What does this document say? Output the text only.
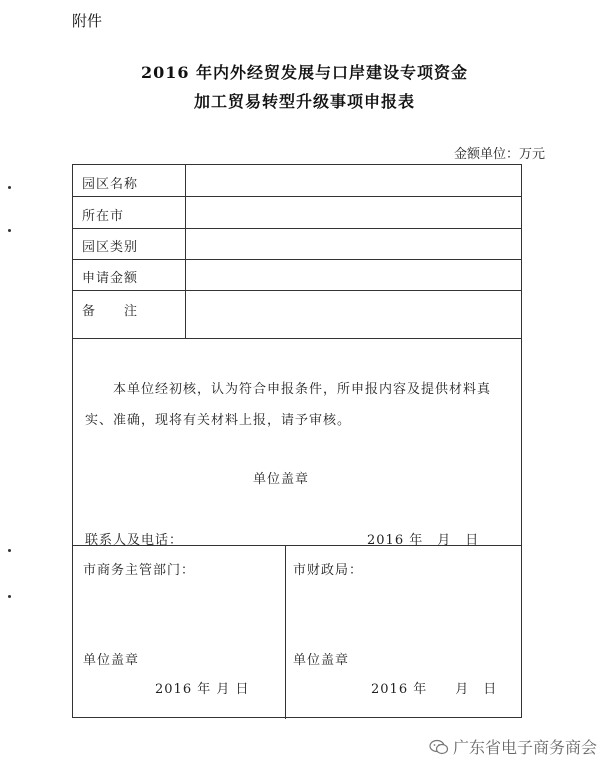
附件
2016 年内外经贸发展与口岸建设专项资金
加工贸易转型升级事项申报表
金额单位：万元
园区名称
所在市
园区类别
申请金额
备　　注
本单位经初核，认为符合申报条件，所申报内容及提供材料真
实、准确，现将有关材料上报，请予审核。
单位盖章
联系人及电话：	2016 年　月　日
市商务主管部门：
单位盖章
2016 年 月 日
市财政局：
单位盖章
2016 年　　月　日
广东省电子商务商会
